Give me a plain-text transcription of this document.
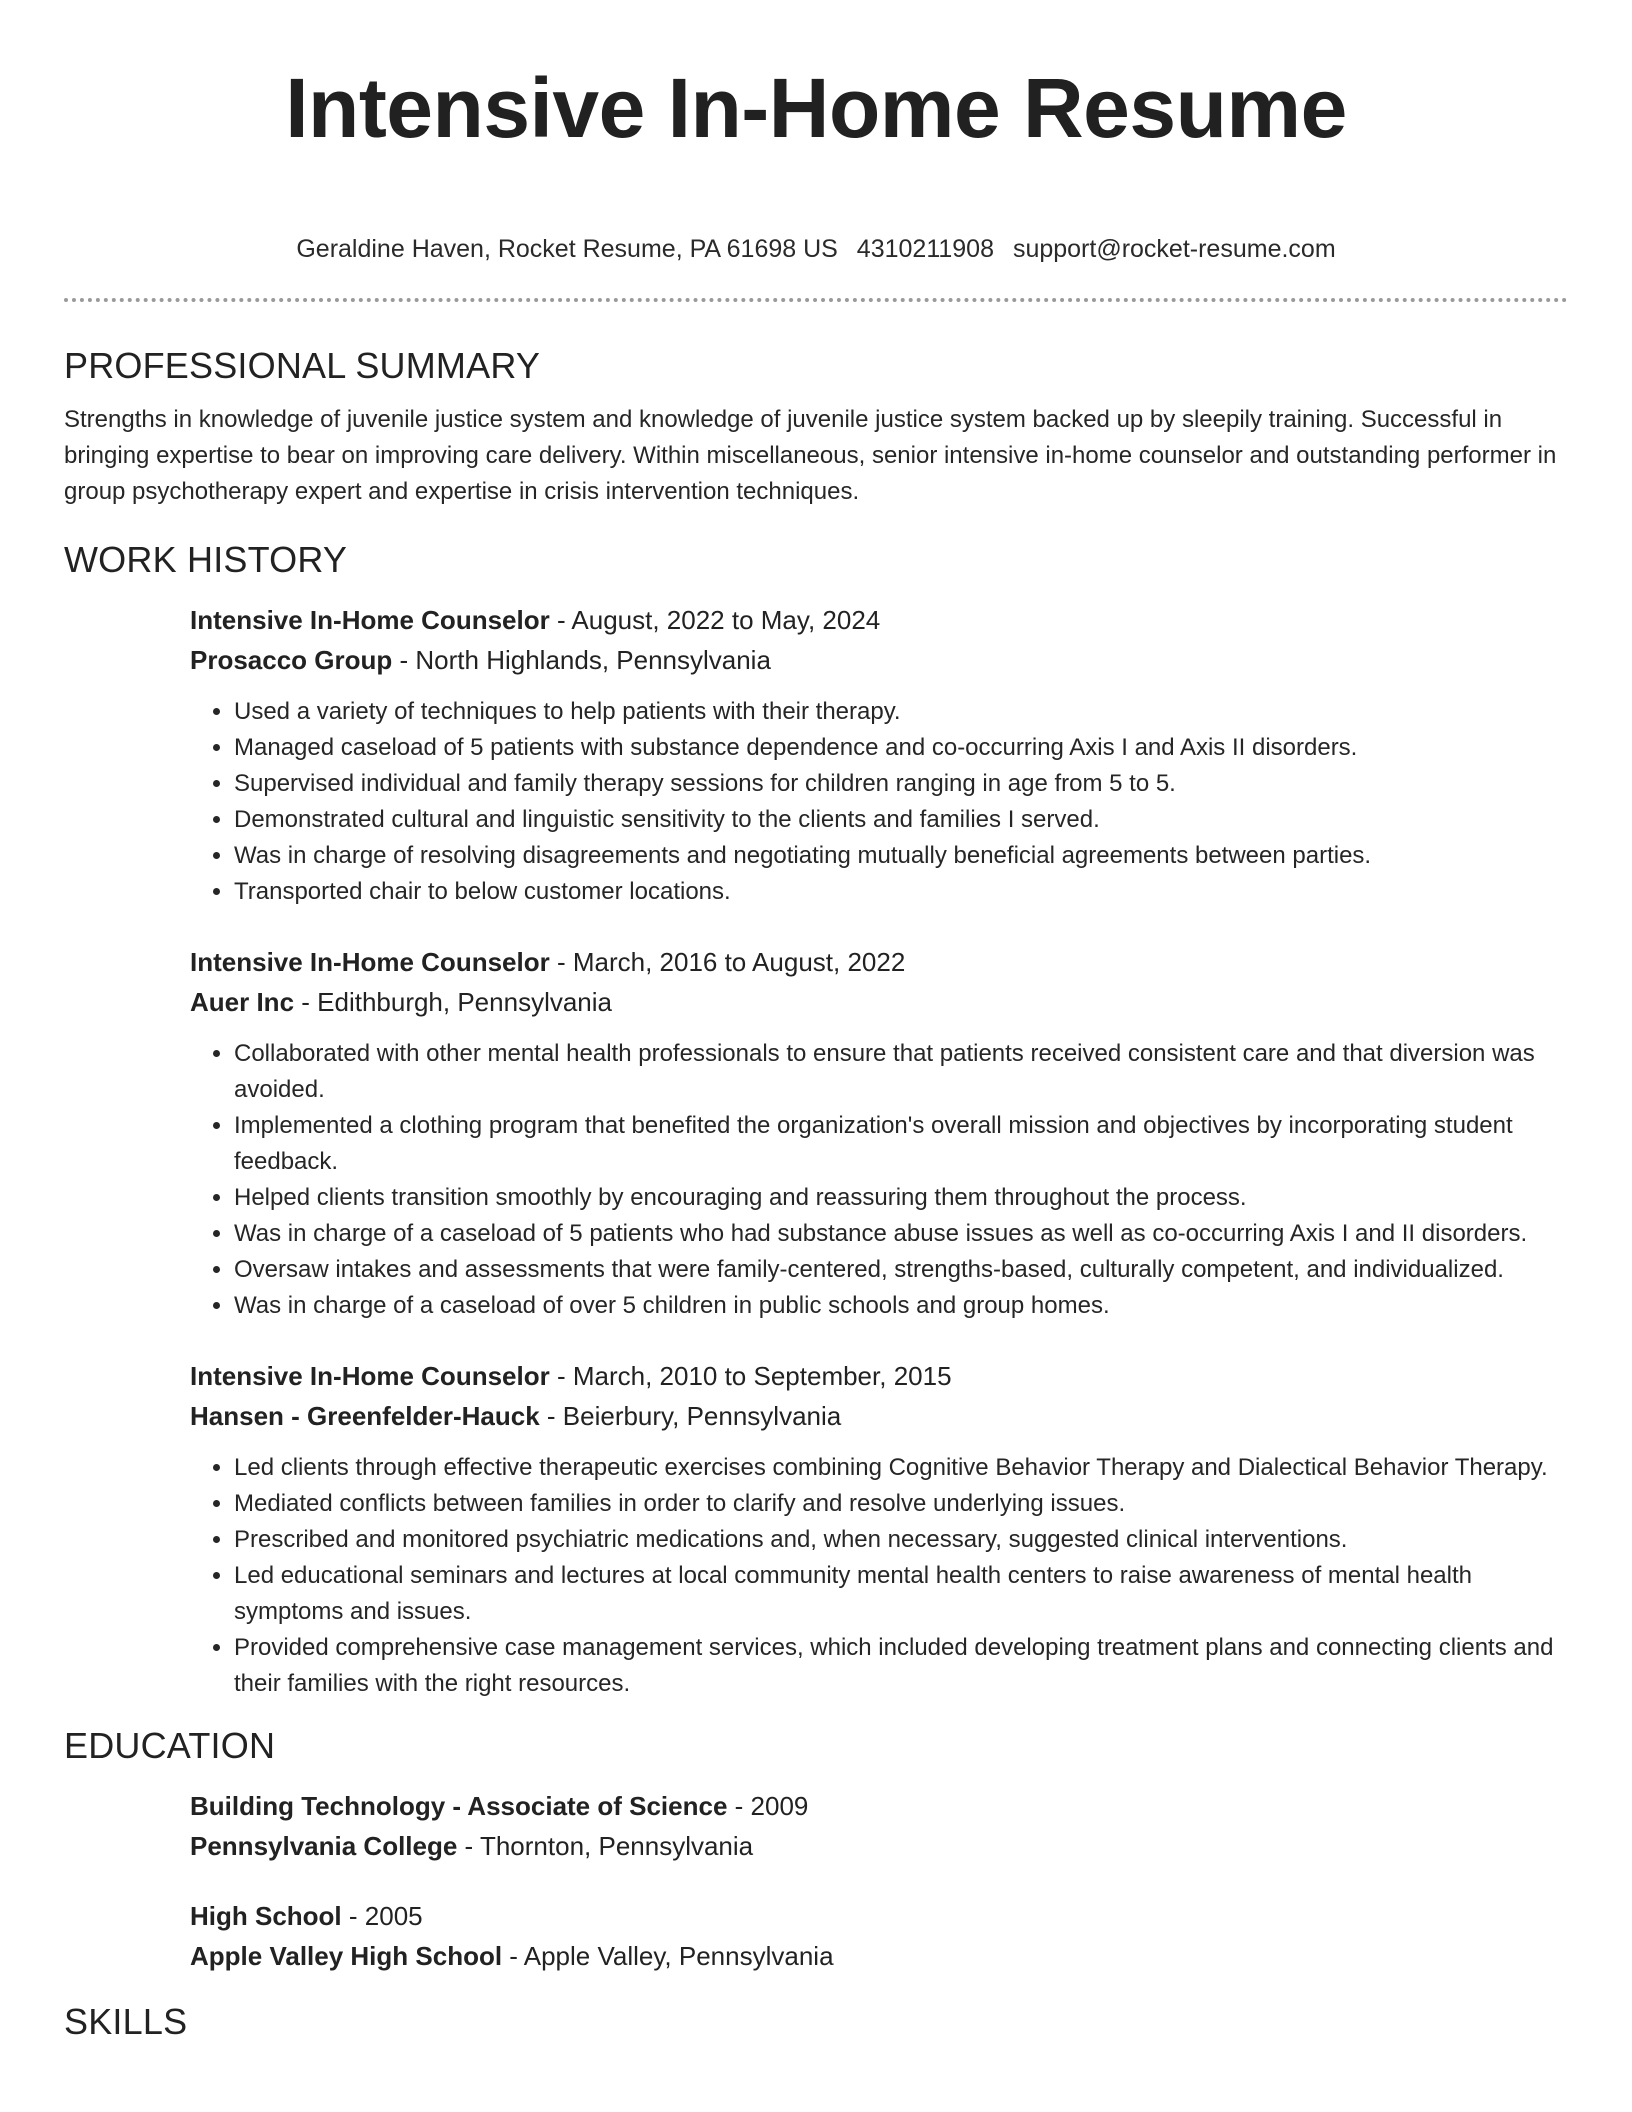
Intensive In-Home Resume
Geraldine Haven, Rocket Resume, PA 61698 US 4310211908 support@rocket-resume.com
PROFESSIONAL SUMMARY

Strengths in knowledge of juvenile justice system and knowledge of juvenile justice system backed up by sleepily training. Successful in bringing expertise to bear on improving care delivery. Within miscellaneous, senior intensive in-home counselor and outstanding performer in group psychotherapy expert and expertise in crisis intervention techniques.

WORK HISTORY

Intensive In-Home Counselor - August, 2022 to May, 2024

Prosacco Group - North Highlands, Pennsylvania

• Used a variety of techniques to help patients with their therapy.
• Managed caseload of 5 patients with substance dependence and co-occurring Axis I and Axis II disorders.
• Supervised individual and family therapy sessions for children ranging in age from 5 to 5.
• Demonstrated cultural and linguistic sensitivity to the clients and families I served.
• Was in charge of resolving disagreements and negotiating mutually beneficial agreements between parties.
• Transported chair to below customer locations.

Intensive In-Home Counselor - March, 2016 to August, 2022

Auer Inc - Edithburgh, Pennsylvania

• Collaborated with other mental health professionals to ensure that patients received consistent care and that diversion was avoided.
• Implemented a clothing program that benefited the organization's overall mission and objectives by incorporating student feedback.
• Helped clients transition smoothly by encouraging and reassuring them throughout the process.
• Was in charge of a caseload of 5 patients who had substance abuse issues as well as co-occurring Axis I and II disorders.
• Oversaw intakes and assessments that were family-centered, strengths-based, culturally competent, and individualized.
• Was in charge of a caseload of over 5 children in public schools and group homes.

Intensive In-Home Counselor - March, 2010 to September, 2015

Hansen - Greenfelder-Hauck - Beierbury, Pennsylvania

• Led clients through effective therapeutic exercises combining Cognitive Behavior Therapy and Dialectical Behavior Therapy.
• Mediated conflicts between families in order to clarify and resolve underlying issues.
• Prescribed and monitored psychiatric medications and, when necessary, suggested clinical interventions.
• Led educational seminars and lectures at local community mental health centers to raise awareness of mental health symptoms and issues.
• Provided comprehensive case management services, which included developing treatment plans and connecting clients and their families with the right resources.
EDUCATION

Building Technology - Associate of Science - 2009

Pennsylvania College - Thornton, Pennsylvania

High School - 2005

Apple Valley High School - Apple Valley, Pennsylvania

SKILLS
